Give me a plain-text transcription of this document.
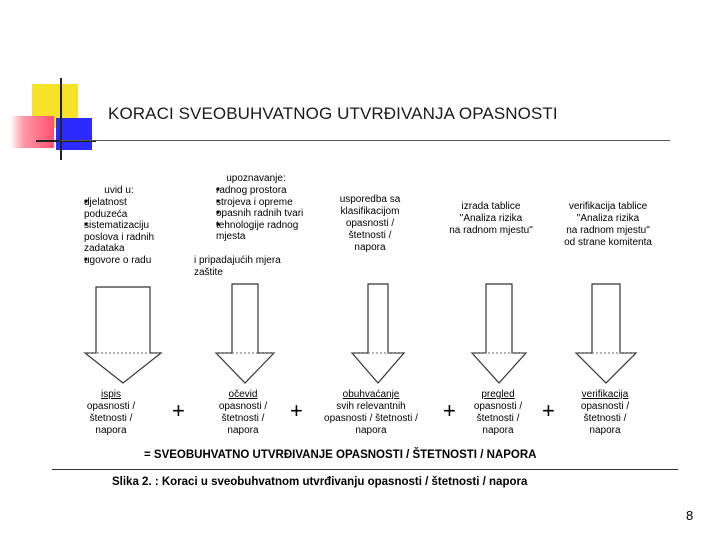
KORACI SVEOBUHVATNOG UTVRĐIVANJA OPASNOSTI
uvid u:
■ djelatnost poduzeća
■ sistematizaciju poslova i radnih zadataka
■ ugovore o radu
upoznavanje:
■ radnog prostora
■ strojeva i opreme
■ opasnih radnih tvari
■ tehnologije radnog mjesta
i pripadajućih mjera
zaštite
usporedba sa
klasifikacijom
opasnosti /
štetnosti /
napora
izrada tablice
"Analiza rizika
na radnom mjestu"
verifikacija tablice
"Analiza rizika
na radnom mjestu"
od strane komitenta
ispis
opasnosti /
štetnosti /
napora
+
očevid
opasnosti /
štetnosti /
napora
+
obuhvaćanje
svih relevantnih
opasnosti / štetnosti /
napora
+
pregled
opasnosti /
štetnosti /
napora
+
verifikacija
opasnosti /
štetnosti /
napora
= SVEOBUHVATNO UTVRĐIVANJE OPASNOSTI / ŠTETNOSTI / NAPORA
Slika 2. : Koraci u sveobuhvatnom utvrđivanju opasnosti / štetnosti / napora
8
